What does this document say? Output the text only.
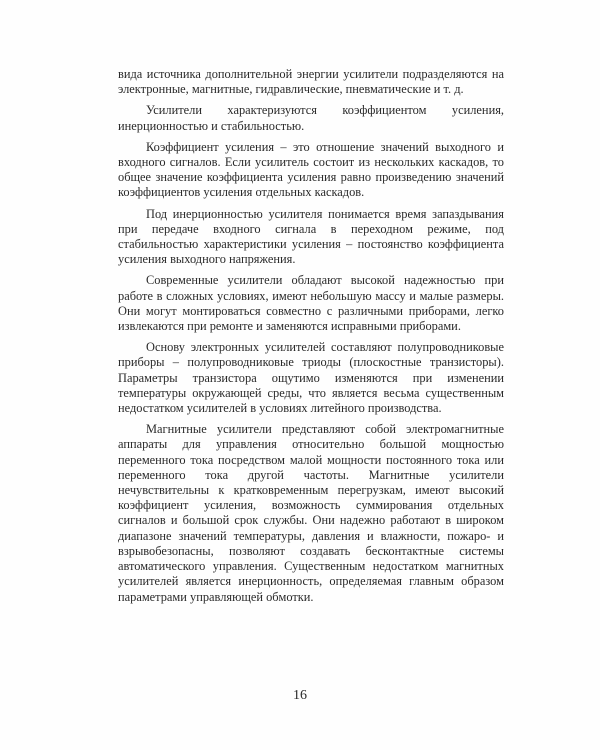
вида источника дополнительной энергии усилители подразделяются на электронные, магнитные, гидравлические, пневматические и т. д.

Усилители характеризуются коэффициентом усиления, инерционностью и стабильностью.

Коэффициент усиления – это отношение значений выходного и входного сигналов. Если усилитель состоит из нескольких каскадов, то общее значение коэффициента усиления равно произведению значений коэффициентов усиления отдельных каскадов.

Под инерционностью усилителя понимается время запаздывания при передаче входного сигнала в переходном режиме, под стабильностью характеристики усиления – постоянство коэффициента усиления выходного напряжения.

Современные усилители обладают высокой надежностью при работе в сложных условиях, имеют небольшую массу и малые размеры. Они могут монтироваться совместно с различными приборами, легко извлекаются при ремонте и заменяются исправными приборами.

Основу электронных усилителей составляют полупроводниковые приборы – полупроводниковые триоды (плоскостные транзисторы). Параметры транзистора ощутимо изменяются при изменении температуры окружающей среды, что является весьма существенным недостатком усилителей в условиях литейного производства.

Магнитные усилители представляют собой электромагнитные аппараты для управления относительно большой мощностью переменного тока посредством малой мощности постоянного тока или переменного тока другой частоты. Магнитные усилители нечувствительны к кратковременным перегрузкам, имеют высокий коэффициент усиления, возможность суммирования отдельных сигналов и большой срок службы. Они надежно работают в широком диапазоне значений температуры, давления и влажности, пожаро- и взрывобезопасны, позволяют создавать бесконтактные системы автоматического управления. Существенным недостатком магнитных усилителей является инерционность, определяемая главным образом параметрами управляющей обмотки.

16
